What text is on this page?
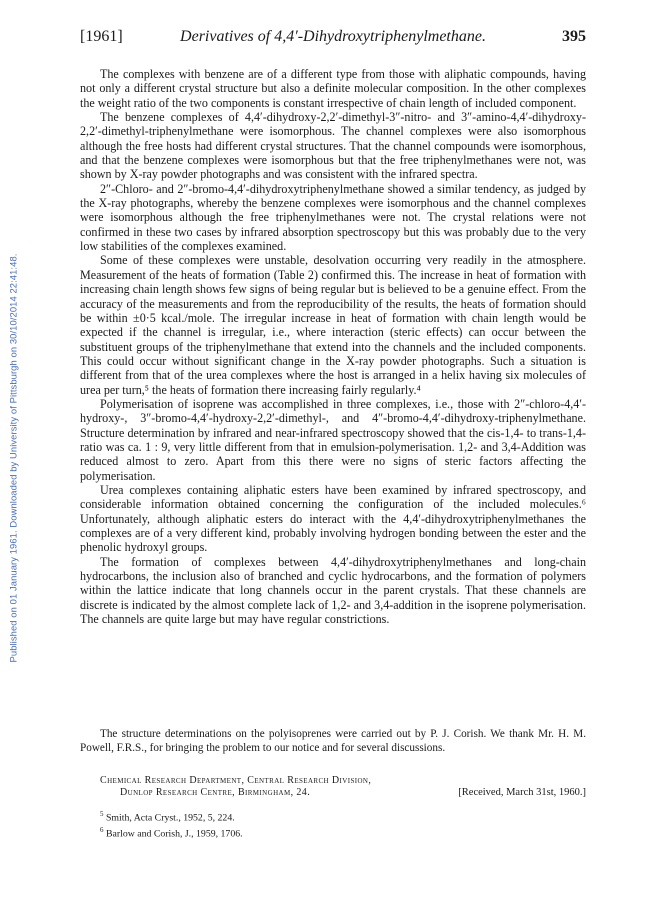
Published on 01 January 1961. Downloaded by University of Pittsburgh on 30/10/2014 22:41:48.
[1961]	Derivatives of 4,4′-Dihydroxytriphenylmethane.	395

The complexes with benzene are of a different type from those with aliphatic compounds, having not only a different crystal structure but also a definite molecular composition. In the other complexes the weight ratio of the two components is constant irrespective of chain length of included component.

The benzene complexes of 4,4′-dihydroxy-2,2′-dimethyl-3″-nitro- and 3″-amino-4,4′-dihydroxy-2,2′-dimethyl-triphenylmethane were isomorphous. The channel complexes were also isomorphous although the free hosts had different crystal structures. That the channel compounds were isomorphous, and that the benzene complexes were isomorphous but that the free triphenylmethanes were not, was shown by X-ray powder photographs and was consistent with the infrared spectra.

2″-Chloro- and 2″-bromo-4,4′-dihydroxytriphenylmethane showed a similar tendency, as judged by the X-ray photographs, whereby the benzene complexes were isomorphous and the channel complexes were isomorphous although the free triphenylmethanes were not. The crystal relations were not confirmed in these two cases by infrared absorption spectroscopy but this was probably due to the very low stabilities of the complexes examined.

Some of these complexes were unstable, desolvation occurring very readily in the atmosphere. Measurement of the heats of formation (Table 2) confirmed this. The increase in heat of formation with increasing chain length shows few signs of being regular but is believed to be a genuine effect. From the accuracy of the measurements and from the reproducibility of the results, the heats of formation should be within ±0·5 kcal./mole. The irregular increase in heat of formation with chain length would be expected if the channel is irregular, i.e., where interaction (steric effects) can occur between the substituent groups of the triphenylmethane that extend into the channels and the included components. This could occur without significant change in the X-ray powder photographs. Such a situation is different from that of the urea complexes where the host is arranged in a helix having six molecules of urea per turn,⁵ the heats of formation there increasing fairly regularly.⁴

Polymerisation of isoprene was accomplished in three complexes, i.e., those with 2″-chloro-4,4′-hydroxy-, 3″-bromo-4,4′-hydroxy-2,2′-dimethyl-, and 4″-bromo-4,4′-dihydroxy-triphenylmethane. Structure determination by infrared and near-infrared spectroscopy showed that the cis-1,4- to trans-1,4-ratio was ca. 1 : 9, very little different from that in emulsion-polymerisation. 1,2- and 3,4-Addition was reduced almost to zero. Apart from this there were no signs of steric factors affecting the polymerisation.

Urea complexes containing aliphatic esters have been examined by infrared spectroscopy, and considerable information obtained concerning the configuration of the included molecules.⁶ Unfortunately, although aliphatic esters do interact with the 4,4′-dihydroxytriphenylmethanes the complexes are of a very different kind, probably involving hydrogen bonding between the ester and the phenolic hydroxyl groups.

The formation of complexes between 4,4′-dihydroxytriphenylmethanes and long-chain hydrocarbons, the inclusion also of branched and cyclic hydrocarbons, and the formation of polymers within the lattice indicate that long channels occur in the parent crystals. That these channels are discrete is indicated by the almost complete lack of 1,2- and 3,4-addition in the isoprene polymerisation. The channels are quite large but may have regular constrictions.

The structure determinations on the polyisoprenes were carried out by P. J. Corish. We thank Mr. H. M. Powell, F.R.S., for bringing the problem to our notice and for several discussions.

Chemical Research Department, Central Research Division,
Dunlop Research Centre, Birmingham, 24.	[Received, March 31st, 1960.]
$^5$ Smith, Acta Cryst., 1952, 5, 224.
$^6$ Barlow and Corish, J., 1959, 1706.
